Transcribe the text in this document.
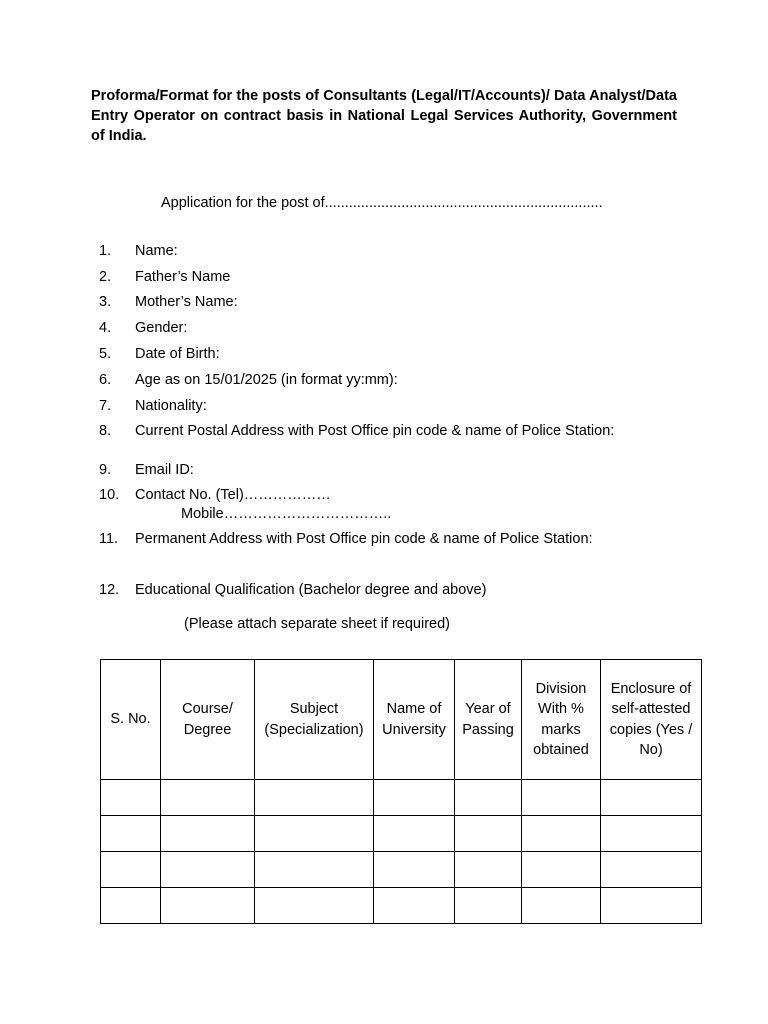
Proforma/Format for the posts of Consultants (Legal/IT/Accounts)/ Data Analyst/Data Entry Operator on contract basis in National Legal Services Authority, Government of India.
Application for the post of.....................................................................
1.	Name:
2.	Father’s Name
3.	Mother’s Name:
4.	Gender:
5.	Date of Birth:
6.	Age as on 15/01/2025 (in format yy:mm):
7.	Nationality:
8.	Current Postal Address with Post Office pin code & name of Police Station:
9.	Email ID:
10.	Contact No. (Tel)………………
Mobile……………………………..
11.	Permanent Address with Post Office pin code & name of Police Station:
12.	Educational Qualification (Bachelor degree and above)
(Please attach separate sheet if required)
S. No.	Course/ Degree	Subject (Specialization)	Name of University	Year of Passing	Division With % marks obtained	Enclosure of self-attested copies (Yes / No)
